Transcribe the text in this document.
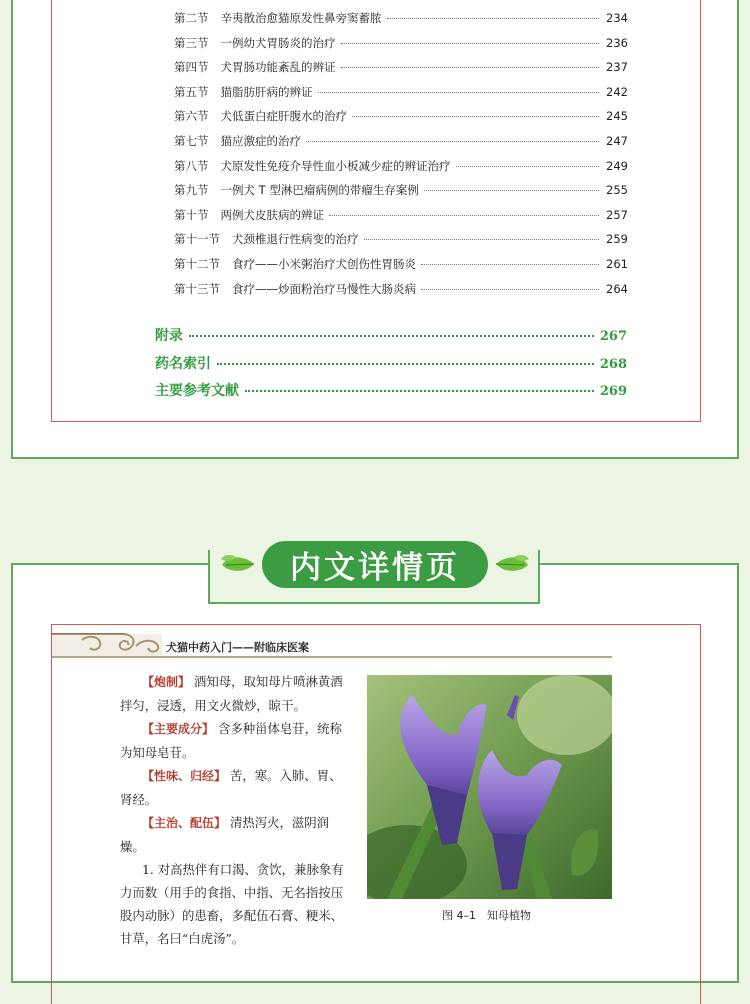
第二节 辛夷散治愈猫原发性鼻旁窦蓄脓	234
第三节 一例幼犬胃肠炎的治疗	236
第四节 犬胃肠功能紊乱的辨证	237
第五节 猫脂肪肝病的辨证	242
第六节 犬低蛋白症肝腹水的治疗	245
第七节 猫应激症的治疗	247
第八节 犬原发性免疫介导性血小板减少症的辨证治疗	249
第九节 一例犬 T 型淋巴瘤病例的带瘤生存案例	255
第十节 两例犬皮肤病的辨证	257
第十一节 犬颈椎退行性病变的治疗	259
第十二节 食疗——小米粥治疗犬创伤性胃肠炎	261
第十三节 食疗——炒面粉治疗马慢性大肠炎病	264
附录	267
药名索引	268
主要参考文献	269
内文详情页
犬猫中药入门——附临床医案

【炮制】 酒知母，取知母片喷淋黄酒拌匀，浸透，用文火微炒，晾干。

【主要成分】 含多种甾体皂苷，统称为知母皂苷。

【性味、归经】 苦，寒。入肺、胃、肾经。

【主治、配伍】 清热泻火，滋阴润燥。

1. 对高热伴有口渴、贪饮，兼脉象有力而数（用手的食指、中指、无名指按压股内动脉）的患畜，多配伍石膏、粳米、甘草，名曰“白虎汤”。

图 4–1　知母植物
